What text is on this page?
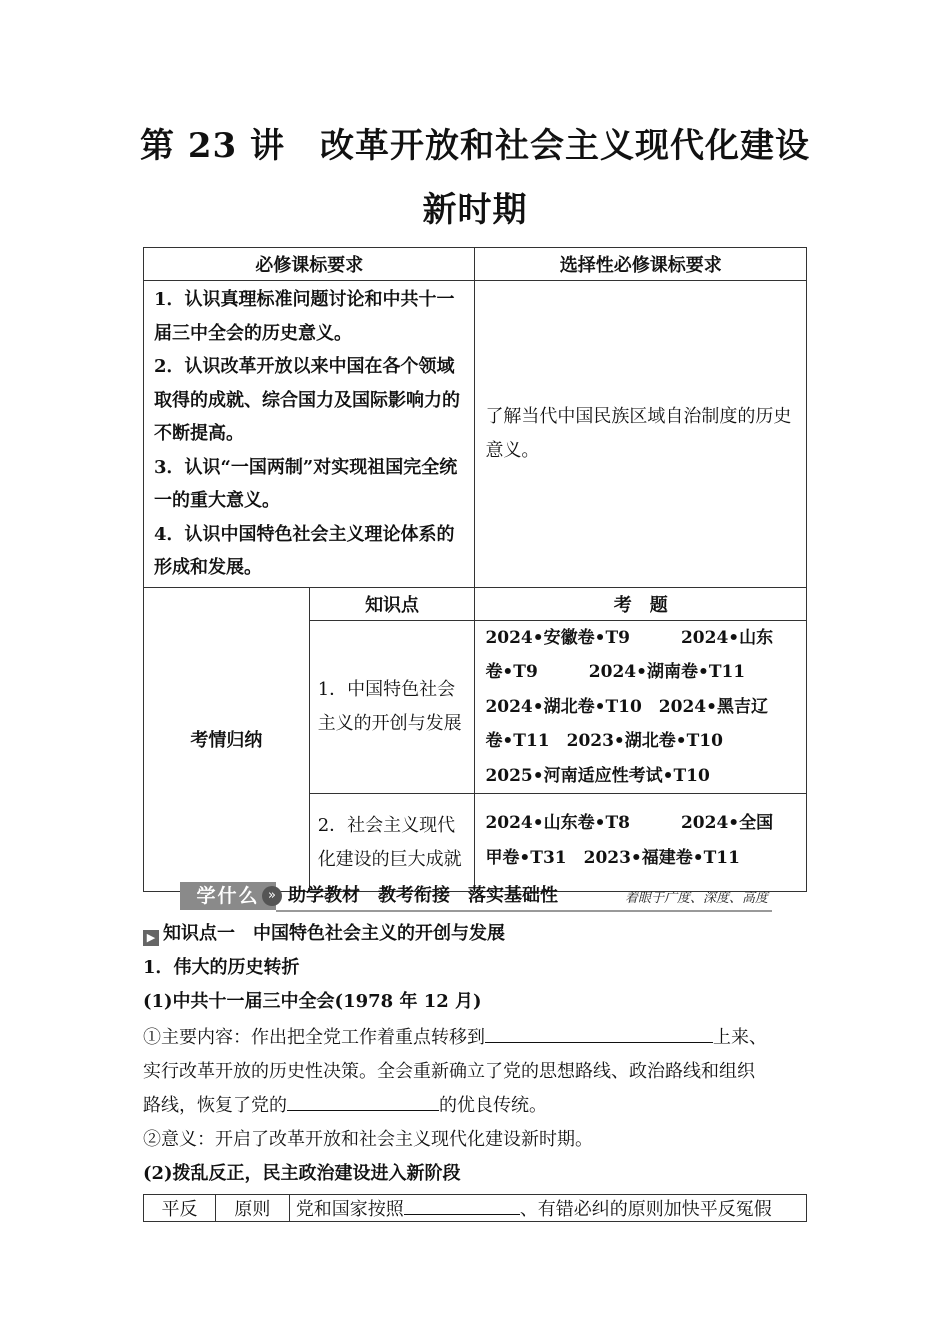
第 23 讲　改革开放和社会主义现代化建设
新时期
必修课标要求		选择性必修课标要求

1．认识真理标准问题讨论和中共十一届三中全会的历史意义。
2．认识改革开放以来中国在各个领域取得的成就、综合国力及国际影响力的不断提高。
3．认识“一国两制”对实现祖国完全统一的重大意义。
4．认识中国特色社会主义理论体系的形成和发展。		了解当代中国民族区域自治制度的历史意义。

考情归纳	知识点	考　题

	1．中国特色社会主义的开创与发展	2024•安徽卷•T9　　　2024•山东
卷•T9　　　2024•湖南卷•T11
2024•湖北卷•T10　2024•黑吉辽
卷•T11　2023•湖北卷•T10
2025•河南适应性考试•T10

	2．社会主义现代化建设的巨大成就	2024•山东卷•T8　　　2024•全国
甲卷•T31　2023•福建卷•T11
学什么 » 助学教材　教考衔接　落实基础性	着眼于广度、深度、高度
▶ 知识点一　中国特色社会主义的开创与发展
1．伟大的历史转折
(1)中共十一届三中全会(1978 年 12 月)
①主要内容：作出把全党工作着重点转移到	上来、
实行改革开放的历史性决策。全会重新确立了党的思想路线、政治路线和组织
路线，恢复了党的	的优良传统。
②意义：开启了改革开放和社会主义现代化建设新时期。
(2)拨乱反正，民主政治建设进入新阶段
平反	原则	党和国家按照	、有错必纠的原则加快平反冤假
